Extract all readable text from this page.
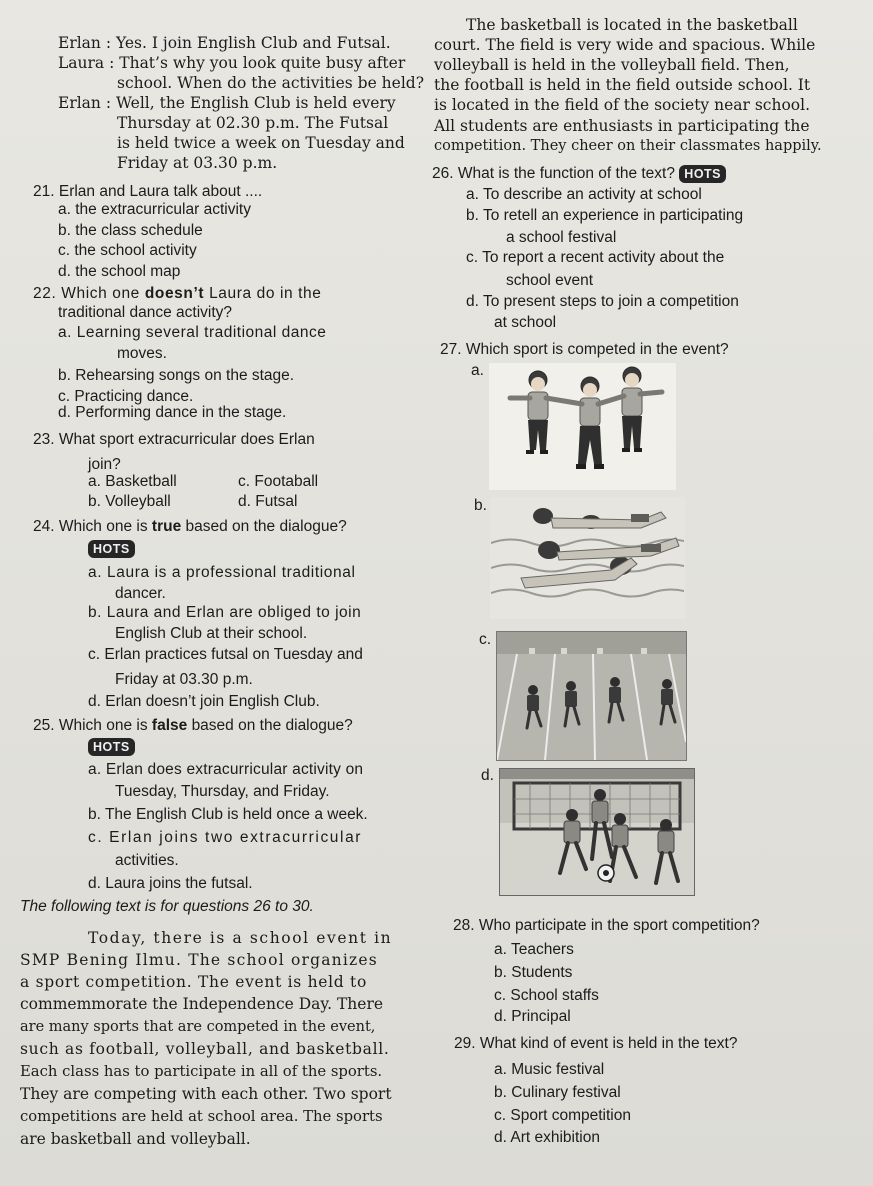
Erlan : Yes. I join English Club and Futsal.
Laura : That’s why you look quite busy after
school. When do the activities be held?
Erlan : Well, the English Club is held every
Thursday at 02.30 p.m. The Futsal
is held twice a week on Tuesday and
Friday at 03.30 p.m.
The basketball is located in the basketball
court. The field is very wide and spacious. While
volleyball is held in the volleyball field. Then,
the football is held in the field outside school. It
is located in the field of the society near school.
All students are enthusiasts in participating the
competition. They cheer on their classmates happily.
21. Erlan and Laura talk about ....
a. the extracurricular activity
b. the class schedule
c. the school activity
d. the school map
22. Which one doesn’t Laura do in the
traditional dance activity?
a. Learning several traditional dance
moves.
b. Rehearsing songs on the stage.
c. Practicing dance.
d. Performing dance in the stage.
23. What sport extracurricular does Erlan
join?
a. Basketball	c. Footaball
b. Volleyball	d. Futsal
24. Which one is true based on the dialogue?
HOTS
a. Laura is a professional traditional
dancer.
b. Laura and Erlan are obliged to join
English Club at their school.
c. Erlan practices futsal on Tuesday and
Friday at 03.30 p.m.
d. Erlan doesn’t join English Club.
25. Which one is false based on the dialogue?
HOTS
a. Erlan does extracurricular activity on
Tuesday, Thursday, and Friday.
b. The English Club is held once a week.
c. Erlan joins two extracurricular
activities.
d. Laura joins the futsal.
The following text is for questions 26 to 30.
Today, there is a school event in
SMP Bening Ilmu. The school organizes
a sport competition. The event is held to
commemmorate the Independence Day. There
are many sports that are competed in the event,
such as football, volleyball, and basketball.
Each class has to participate in all of the sports.
They are competing with each other. Two sport
competitions are held at school area. The sports
are basketball and volleyball.
26. What is the function of the text? HOTS
a. To describe an activity at school
b. To retell an experience in participating
a school festival
c. To report a recent activity about the
school event
d. To present steps to join a competition
at school
27. Which sport is competed in the event?
a.
b.
c.
d.
28. Who participate in the sport competition?
a. Teachers
b. Students
c. School staffs
d. Principal
29. What kind of event is held in the text?
a. Music festival
b. Culinary festival
c. Sport competition
d. Art exhibition
